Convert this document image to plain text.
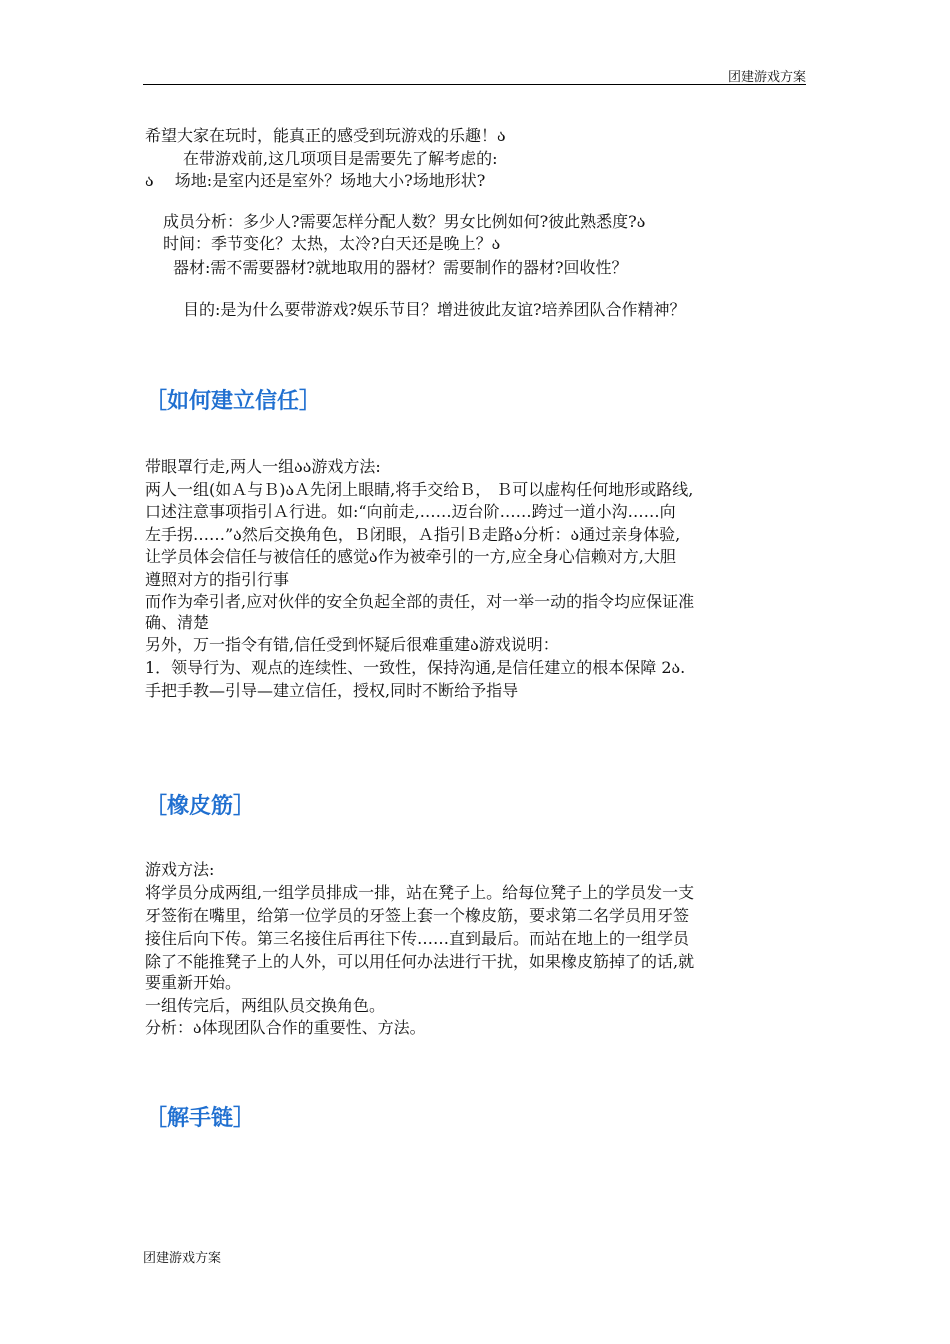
团建游戏方案
希望大家在玩时，能真正的感受到玩游戏的乐趣！ა
在带游戏前,这几项项目是需要先了解考虑的:
ა　 场地:是室内还是室外？场地大小?场地形状?
成员分析：多少人?需要怎样分配人数？男女比例如何?彼此熟悉度?ა
时间：季节变化？太热，太冷?白天还是晚上？ა
器材:需不需要器材?就地取用的器材？需要制作的器材?回收性？
目的:是为什么要带游戏?娱乐节目？增进彼此友谊?培养团队合作精神？
［如何建立信任］
带眼罩行走,两人一组აა游戏方法:
两人一组(如Ａ与Ｂ)აＡ先闭上眼睛,将手交给Ｂ， Ｂ可以虚构任何地形或路线,
口述注意事项指引Ａ行进。如:“向前走,……迈台阶……跨过一道小沟……向
左手拐……”ა然后交换角色，Ｂ闭眼，Ａ指引Ｂ走路ა分析：ა通过亲身体验,
让学员体会信任与被信任的感觉ა作为被牵引的一方,应全身心信赖对方,大胆
遵照对方的指引行事
而作为牵引者,应对伙伴的安全负起全部的责任，对一举一动的指令均应保证准
确、清楚
另外，万一指令有错,信任受到怀疑后很难重建ა游戏说明：
1．领导行为、观点的连续性、一致性，保持沟通,是信任建立的根本保障 2ა.
手把手教—引导—建立信任，授权,同时不断给予指导
［橡皮筋］
游戏方法:
将学员分成两组,一组学员排成一排，站在凳子上。给每位凳子上的学员发一支
牙签衔在嘴里，给第一位学员的牙签上套一个橡皮筋，要求第二名学员用牙签
接住后向下传。第三名接住后再往下传……直到最后。而站在地上的一组学员
除了不能推凳子上的人外，可以用任何办法进行干扰，如果橡皮筋掉了的话,就
要重新开始。
一组传完后，两组队员交换角色。
分析：ა体现团队合作的重要性、方法。
［解手链］
团建游戏方案
